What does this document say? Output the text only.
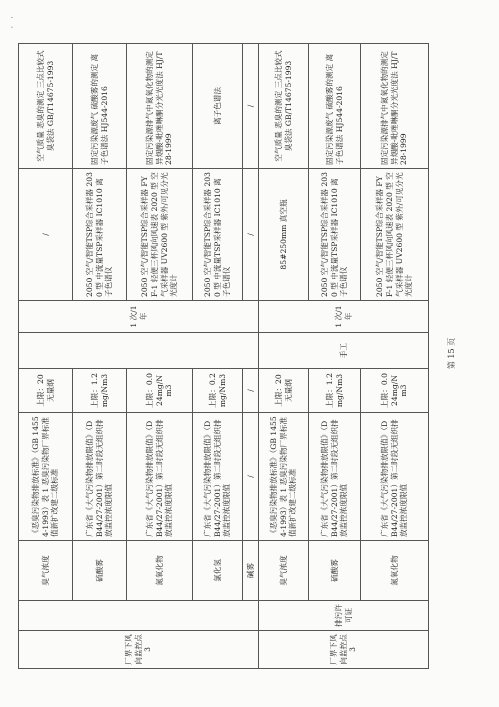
厂界下风向监控点3		臭气浓度	《恶臭污染物排放标准》（GB 14554-1993）表 1 恶臭污染物厂界标准值新扩改建二级标准	上限：20 无量纲		1 次/1 年	/	空气质量 恶臭的测定 三点比较式臭袋法 GB/T14675-1993
		硫酸雾	广东省《大气污染物排放限值》（DB44/27-2001）第二时段无组织排放监控浓度限值	上限：1.2mg/Nm3			2050 空气/智能TSP综合采样器 2030 型 中流量TSP采样器 IC1010 离子色谱仪	固定污染源废气 硫酸雾的测定 离子色谱法 HJ544-2016
		氮氧化物	广东省《大气污染物排放限值》（DB44/27-2001）第二时段无组织排放监控浓度限值	上限：0.024mg/Nm3			2050 空气/智能TSP综合采样器 FYF-1 轻便三杯风向风速表 2020 型 空气采样器 UV2600 型 紫外/可见分光光度计	固定污染源排气中氮氧化物的测定 异烟酸-吡唑啉酮分光光度法 HJ/T 28-1999
		氯化氢	广东省《大气污染物排放限值》（DB44/27-2001）第二时段无组织排放监控浓度限值	上限：0.2mg/Nm3			2050 空气/智能TSP综合采样器 2030 型 中流量TSP采样器 IC1010 离子色谱仪	离子色谱法
		碱雾	/	/			/	/
厂界下风向监控点 3	排污许可证	臭气浓度	《恶臭污染物排放标准》（GB 14554-1993）表 1 恶臭污染物厂界标准值新扩改建二级标准	上限：20 无量纲	手工	1 次/1 年	85#250mm 真空瓶	空气质量 恶臭的测定 三点比较式臭袋法 GB/T14675-1993
		硫酸雾	广东省《大气污染物排放限值》（DB44/27-2001）第二时段无组织排放监控浓度限值	上限：1.2mg/Nm3			2050 空气/智能TSP综合采样器 2030 型 中流量TSP采样器 IC1010 离子色谱仪	固定污染源废气 硫酸雾的测定 离子色谱法 HJ544-2016
		氮氧化物	广东省《大气污染物排放限值》（DB44/27-2001）第二时段无组织排放监控浓度限值	上限：0.024mg/Nm3			2050 空气/智能TSP综合采样器 FYF-1 轻便三杯风向风速表 2020 型 空气采样器 UV2600 型 紫外/可见分光光度计	固定污染源排气中氮氧化物的测定 异烟酸-吡唑啉酮分光光度法 HJ/T 28-1999
第 15 页
· ·
